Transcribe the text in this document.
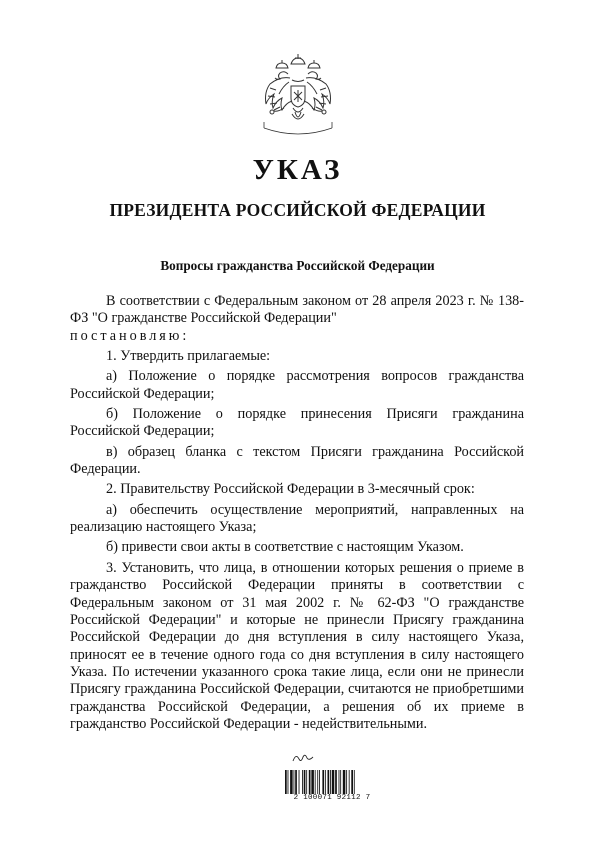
УКАЗ
ПРЕЗИДЕНТА РОССИЙСКОЙ ФЕДЕРАЦИИ
Вопросы гражданства Российской Федерации

В соответствии с Федеральным законом от 28 апреля 2023 г. № 138-ФЗ "О гражданстве Российской Федерации"
постановляю:

1. Утвердить прилагаемые:

а) Положение о порядке рассмотрения вопросов гражданства Российской Федерации;

б) Положение о порядке принесения Присяги гражданина Российской Федерации;

в) образец бланка с текстом Присяги гражданина Российской Федерации.

2. Правительству Российской Федерации в 3-месячный срок:

а) обеспечить осуществление мероприятий, направленных на реализацию настоящего Указа;

б) привести свои акты в соответствие с настоящим Указом.

3. Установить, что лица, в отношении которых решения о приеме в гражданство Российской Федерации приняты в соответствии с Федеральным законом от 31 мая 2002 г. № 62-ФЗ "О гражданстве Российской Федерации" и которые не принесли Присягу гражданина Российской Федерации до дня вступления в силу настоящего Указа, приносят ее в течение одного года со дня вступления в силу настоящего Указа. По истечении указанного срока такие лица, если они не принесли Присягу гражданина Российской Федерации, считаются не приобретшими гражданства Российской Федерации, а решения об их приеме в гражданство Российской Федерации - недействительными.

2 100071 92112 7
